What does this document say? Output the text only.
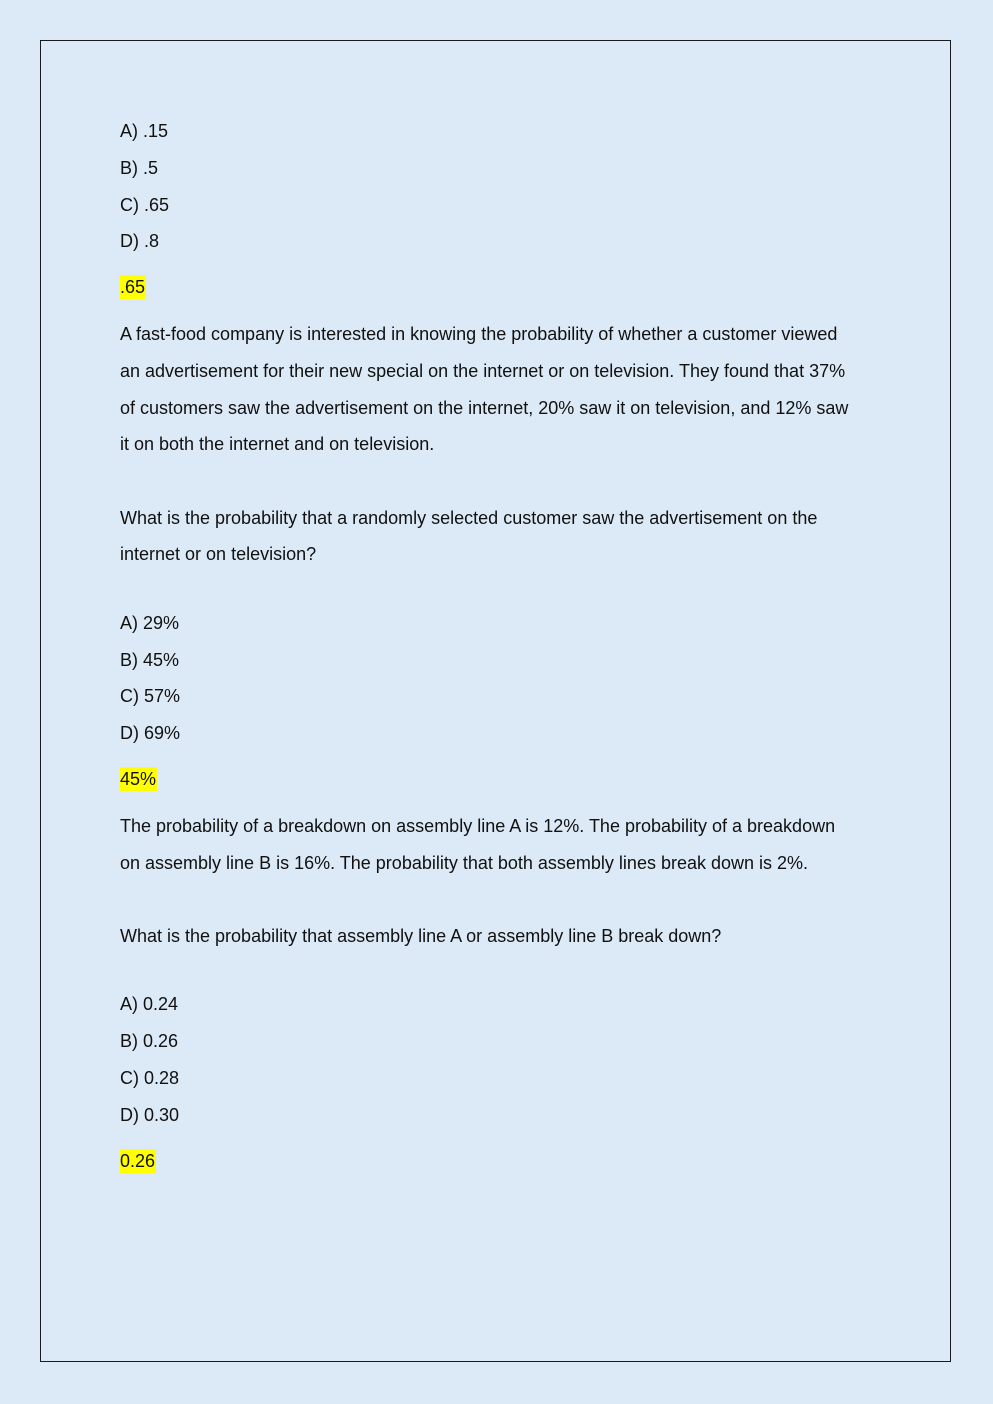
A) .15
B) .5
C) .65
D) .8
.65

A fast-food company is interested in knowing the probability of whether a customer viewed an advertisement for their new special on the internet or on television. They found that 37% of customers saw the advertisement on the internet, 20% saw it on television, and 12% saw it on both the internet and on television.

What is the probability that a randomly selected customer saw the advertisement on the internet or on television?

A) 29%
B) 45%
C) 57%
D) 69%
45%

The probability of a breakdown on assembly line A is 12%. The probability of a breakdown on assembly line B is 16%. The probability that both assembly lines break down is 2%.

What is the probability that assembly line A or assembly line B break down?

A) 0.24
B) 0.26
C) 0.28
D) 0.30
0.26
